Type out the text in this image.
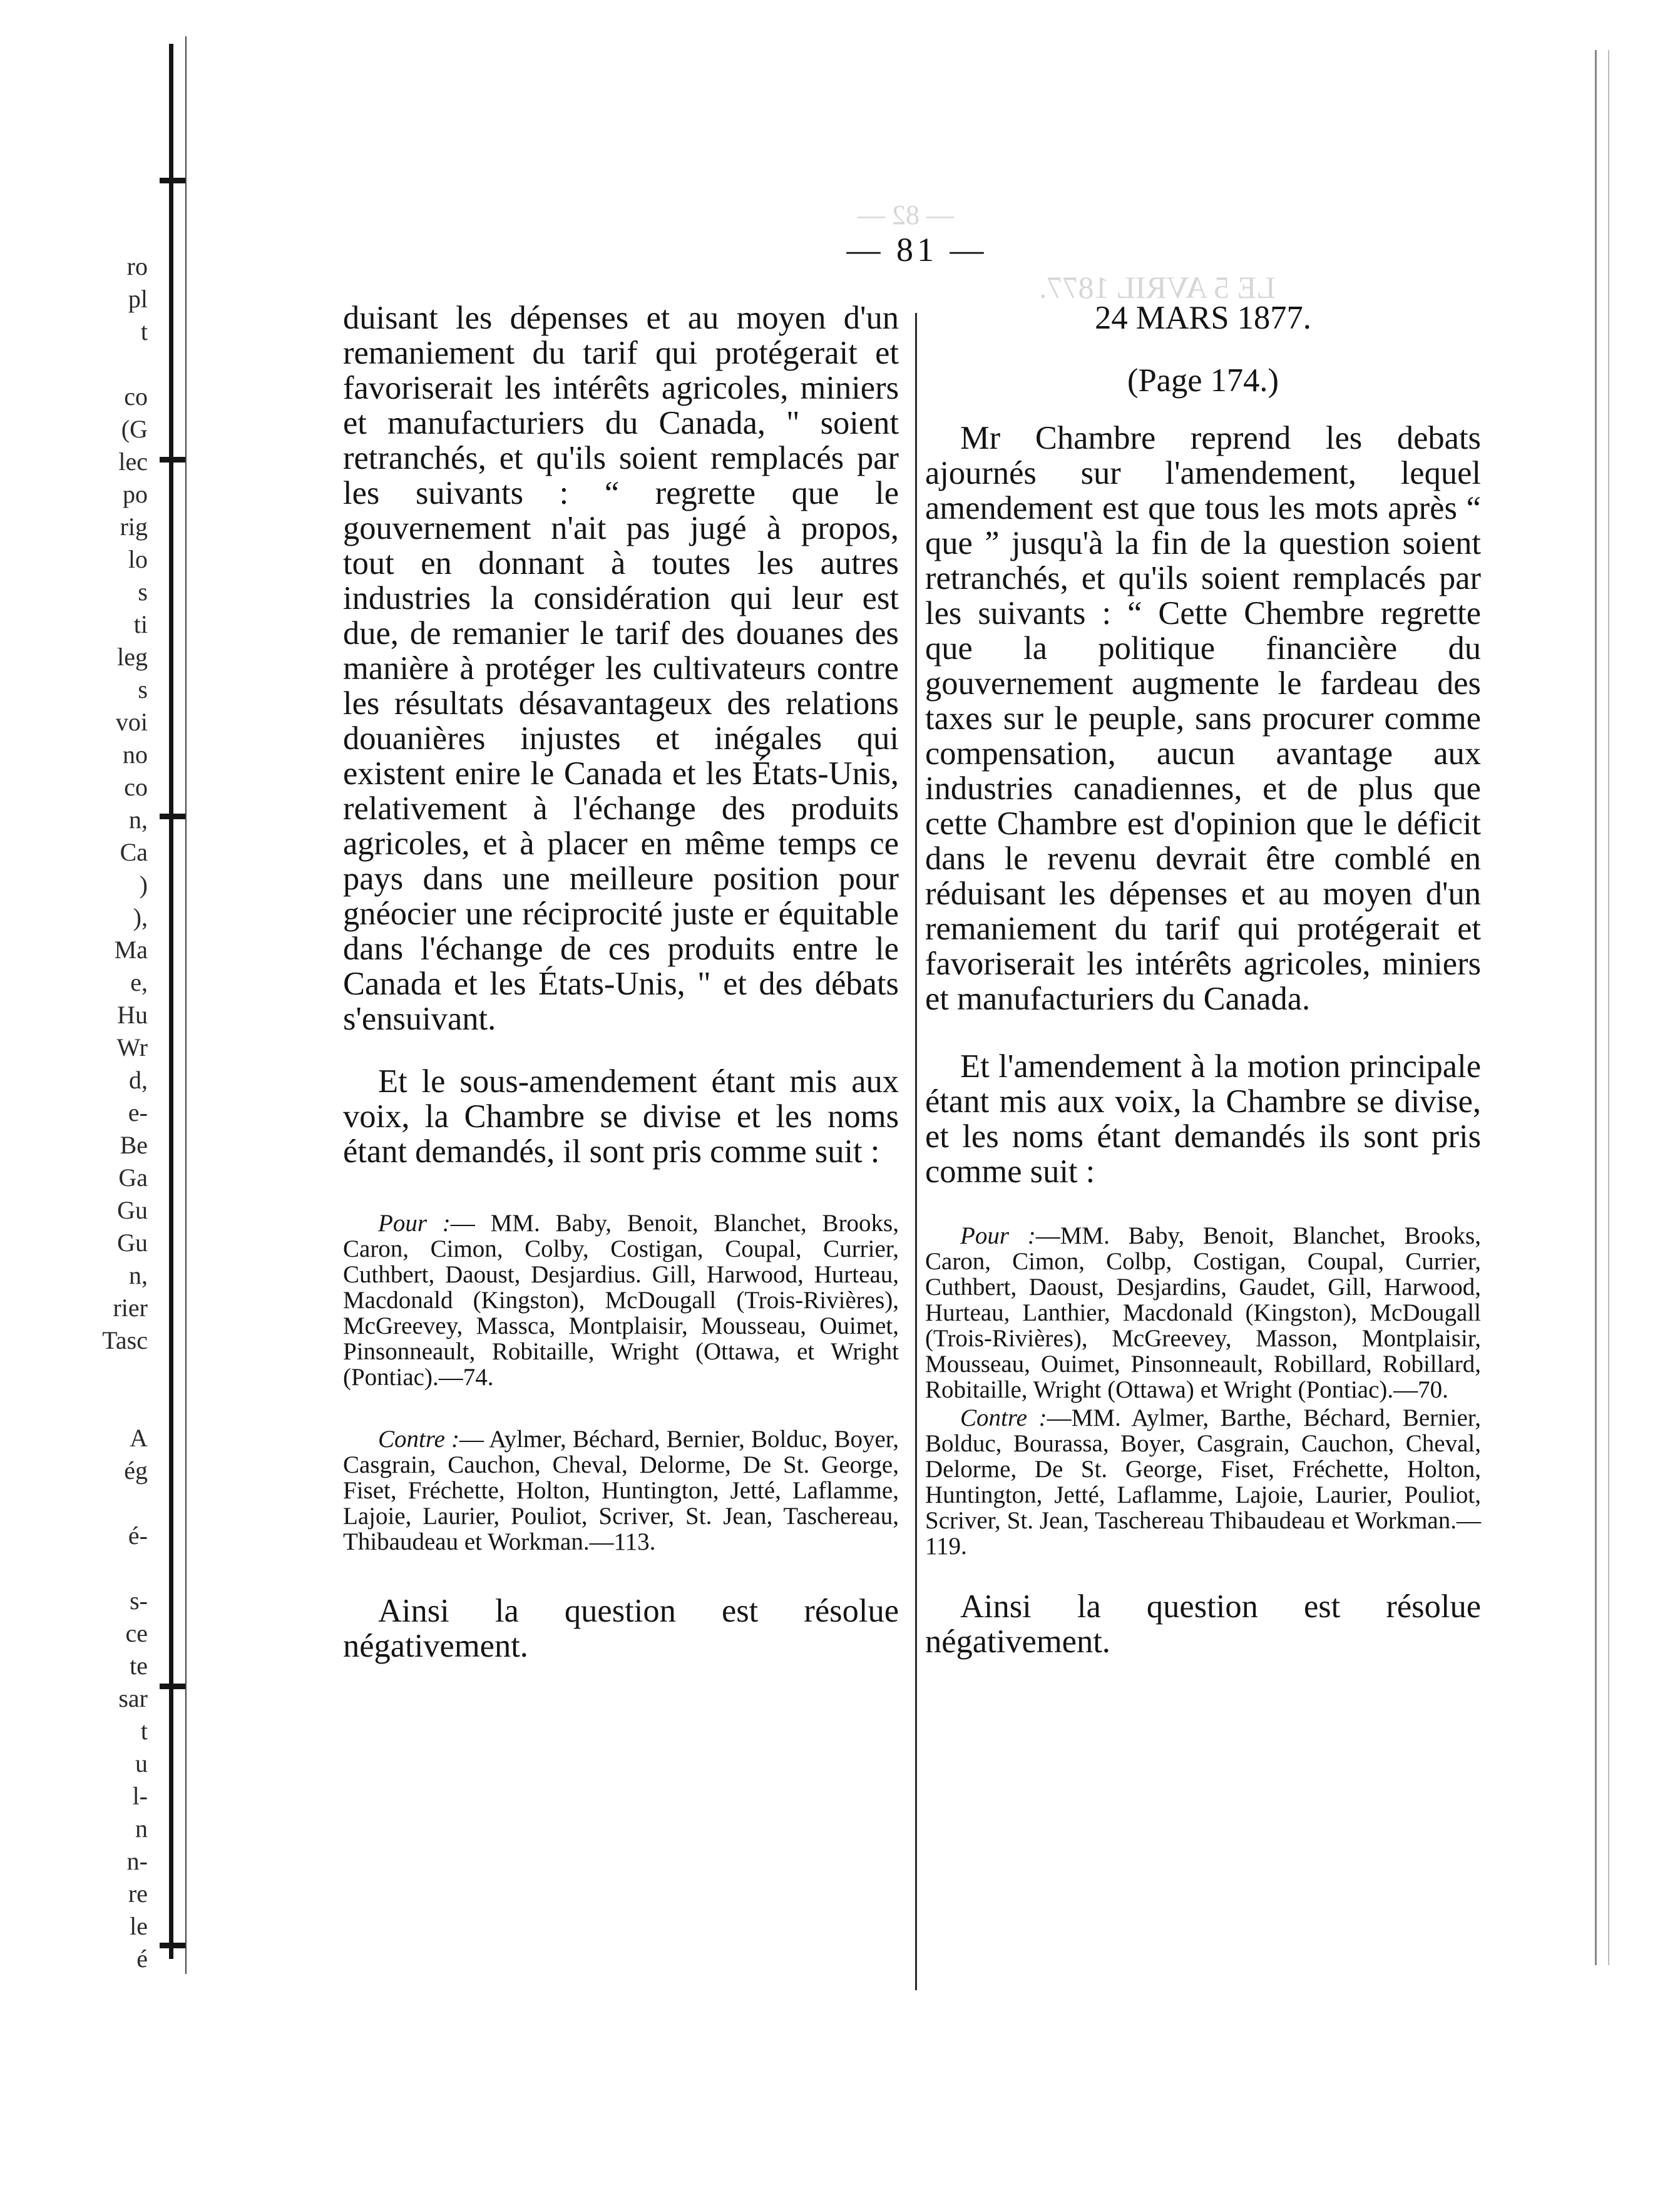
ro
pl
t
co
(G
lec
po
rig
lo
s
ti
leg
s
voi
no
co
n,
Ca
)
),
Ma
e,
Hu
Wr
d,
e-
Be
Ga
Gu
Gu
n,
rier
Tasc
A
ég
é-
s-
ce
te
sar
t
u
l-
n
n-
re
le
é
— 82 —
LE 5 AVRIL 1877.
— 81 —

duisant les dépenses et au moyen d'un remaniement du tarif qui protégerait et favoriserait les intérêts agricoles, miniers et manufacturiers du Canada, " soient retranchés, et qu'ils soient remplacés par les suivants : “ regrette que le gouvernement n'ait pas jugé à propos, tout en donnant à toutes les autres industries la considération qui leur est due, de remanier le tarif des douanes des manière à protéger les cultivateurs contre les résultats désavantageux des relations douanières injustes et inégales qui existent enire le Canada et les États-Unis, relativement à l'échange des produits agricoles, et à placer en même temps ce pays dans une meilleure position pour gnéocier une réciprocité juste er équitable dans l'échange de ces produits entre le Canada et les États-Unis, " et des débats s'ensuivant.

Et le sous-amendement étant mis aux voix, la Chambre se divise et les noms étant demandés, il sont pris comme suit :

Pour :— MM. Baby, Benoit, Blanchet, Brooks, Caron, Cimon, Colby, Costigan, Coupal, Currier, Cuthbert, Daoust, Desjardius. Gill, Harwood, Hurteau, Macdonald (Kingston), McDougall (Trois-Rivières), McGreevey, Massca, Montplaisir, Mousseau, Ouimet, Pinsonneault, Robitaille, Wright (Ottawa, et Wright (Pontiac).—74.

Contre :— Aylmer, Béchard, Bernier, Bolduc, Boyer, Casgrain, Cauchon, Cheval, Delorme, De St. George, Fiset, Fréchette, Holton, Huntington, Jetté, Laflamme, Lajoie, Laurier, Pouliot, Scriver, St. Jean, Taschereau, Thibaudeau et Workman.—113.

Ainsi la question est résolue négativement.

24 MARS 1877.

(Page 174.)

Mr Chambre reprend les debats ajournés sur l'amendement, lequel amendement est que tous les mots après “ que ” jusqu'à la fin de la question soient retranchés, et qu'ils soient remplacés par les suivants : “ Cette Chembre regrette que la politique financière du gouvernement augmente le fardeau des taxes sur le peuple, sans procurer comme compensation, aucun avantage aux industries canadiennes, et de plus que cette Chambre est d'opinion que le déficit dans le revenu devrait être comblé en réduisant les dépenses et au moyen d'un remaniement du tarif qui protégerait et favoriserait les intérêts agricoles, miniers et manufacturiers du Canada.

Et l'amendement à la motion principale étant mis aux voix, la Chambre se divise, et les noms étant demandés ils sont pris comme suit :

Pour :—MM. Baby, Benoit, Blanchet, Brooks, Caron, Cimon, Colbp, Costigan, Coupal, Currier, Cuthbert, Daoust, Desjardins, Gaudet, Gill, Harwood, Hurteau, Lanthier, Macdonald (Kingston), McDougall (Trois-Rivières), McGreevey, Masson, Montplaisir, Mousseau, Ouimet, Pinsonneault, Robillard, Robillard, Robitaille, Wright (Ottawa) et Wright (Pontiac).—70.

Contre :—MM. Aylmer, Barthe, Béchard, Bernier, Bolduc, Bourassa, Boyer, Casgrain, Cauchon, Cheval, Delorme, De St. George, Fiset, Fréchette, Holton, Huntington, Jetté, Laflamme, Lajoie, Laurier, Pouliot, Scriver, St. Jean, Taschereau Thibaudeau et Workman.—119.

Ainsi la question est résolue négativement.
